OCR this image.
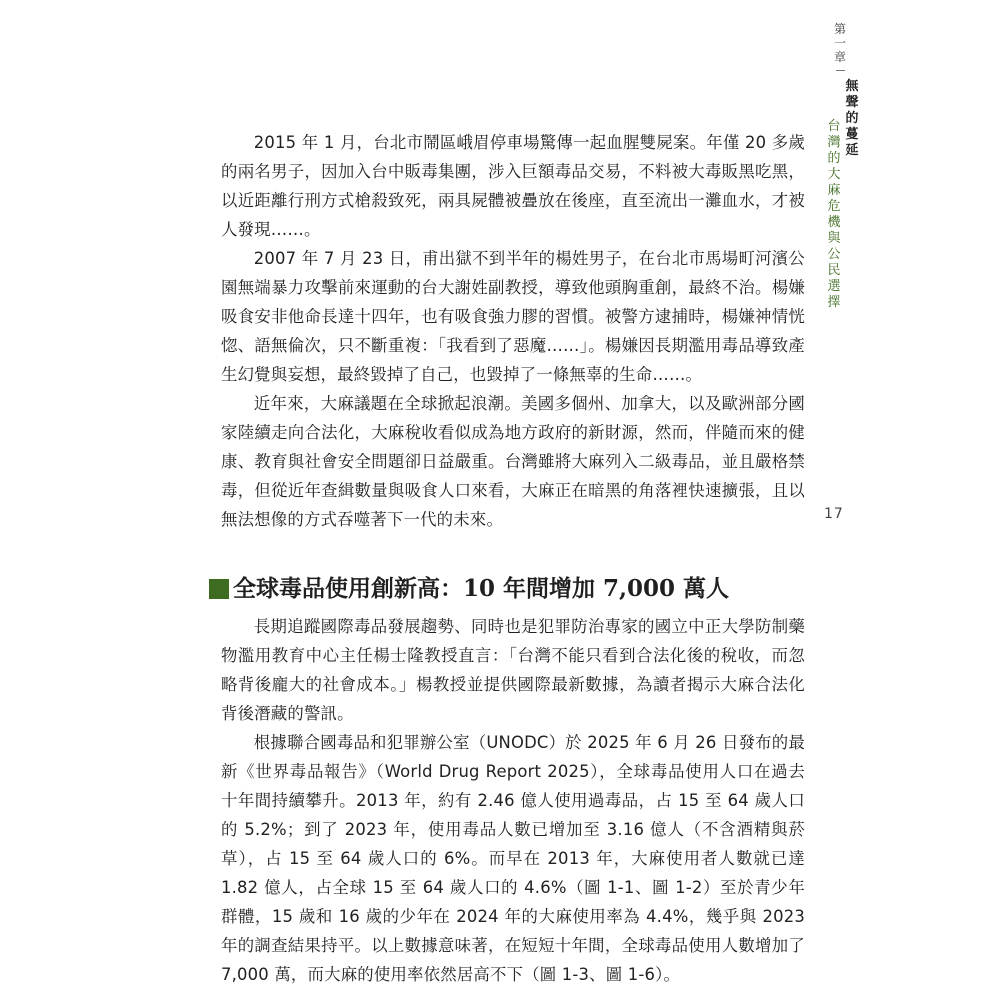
第一章
無聲的蔓延
台灣的大麻危機與公民選擇
17

2015 年 1 月，台北市鬧區峨眉停車場驚傳一起血腥雙屍案。年僅 20 多歲的兩名男子，因加入台中販毒集團，涉入巨額毒品交易，不料被大毒販黑吃黑，以近距離行刑方式槍殺致死，兩具屍體被疊放在後座，直至流出一灘血水，才被人發現……。

2007 年 7 月 23 日，甫出獄不到半年的楊姓男子，在台北市馬場町河濱公園無端暴力攻擊前來運動的台大謝姓副教授，導致他頭胸重創，最終不治。楊嫌吸食安非他命長達十四年，也有吸食強力膠的習慣。被警方逮捕時，楊嫌神情恍惚、語無倫次，只不斷重複：「我看到了惡魔……」。楊嫌因長期濫用毒品導致產生幻覺與妄想，最終毀掉了自己，也毀掉了一條無辜的生命……。

近年來，大麻議題在全球掀起浪潮。美國多個州、加拿大，以及歐洲部分國家陸續走向合法化，大麻稅收看似成為地方政府的新財源，然而，伴隨而來的健康、教育與社會安全問題卻日益嚴重。台灣雖將大麻列入二級毒品，並且嚴格禁毒，但從近年查緝數量與吸食人口來看，大麻正在暗黑的角落裡快速擴張，且以無法想像的方式吞噬著下一代的未來。

全球毒品使用創新高：10 年間增加 7,000 萬人

長期追蹤國際毒品發展趨勢、同時也是犯罪防治專家的國立中正大學防制藥物濫用教育中心主任楊士隆教授直言：「台灣不能只看到合法化後的稅收，而忽略背後龐大的社會成本。」楊教授並提供國際最新數據，為讀者揭示大麻合法化背後潛藏的警訊。

根據聯合國毒品和犯罪辦公室（UNODC）於 2025 年 6 月 26 日發布的最新《世界毒品報告》（World Drug Report 2025），全球毒品使用人口在過去十年間持續攀升。2013 年，約有 2.46 億人使用過毒品，占 15 至 64 歲人口的 5.2%；到了 2023 年，使用毒品人數已增加至 3.16 億人（不含酒精與菸草），占 15 至 64 歲人口的 6%。而早在 2013 年，大麻使用者人數就已達 1.82 億人，占全球 15 至 64 歲人口的 4.6%（圖 1-1、圖 1-2）至於青少年群體，15 歲和 16 歲的少年在 2024 年的大麻使用率為 4.4%，幾乎與 2023 年的調查結果持平。以上數據意味著，在短短十年間，全球毒品使用人數增加了 7,000 萬，而大麻的使用率依然居高不下（圖 1-3、圖 1-6）。
